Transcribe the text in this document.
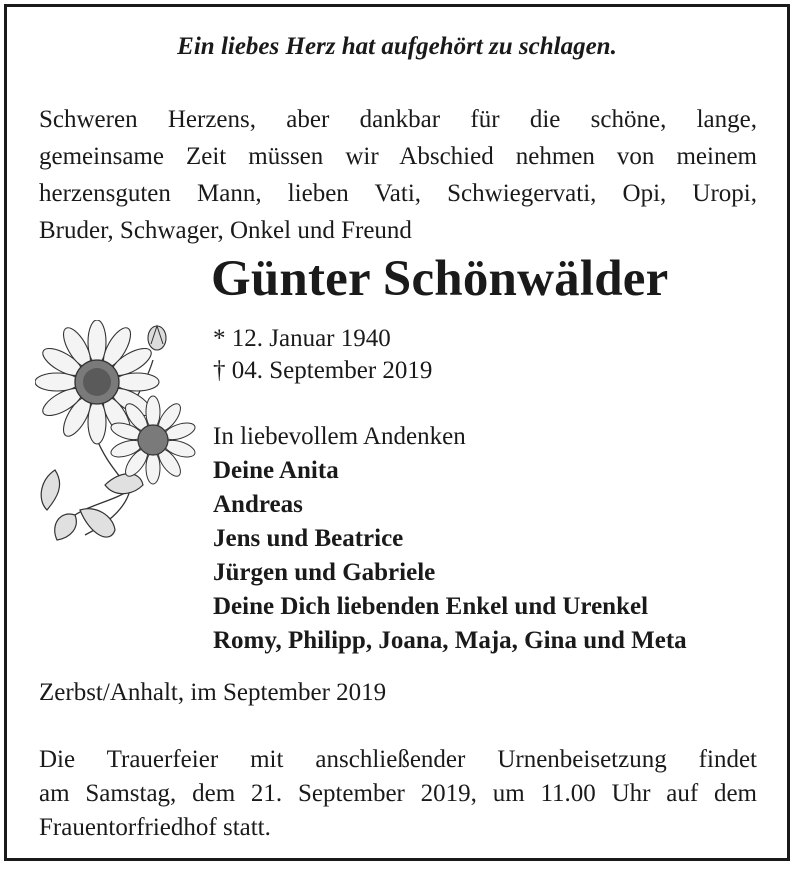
Ein liebes Herz hat aufgehört zu schlagen.

Schweren Herzens, aber dankbar für die schöne, lange,
gemeinsame Zeit müssen wir Abschied nehmen von meinem
herzensguten Mann, lieben Vati, Schwiegervati, Opi, Uropi,
Bruder, Schwager, Onkel und Freund

Günter Schönwälder
* 12. Januar 1940
† 04. September 2019
In liebevollem Andenken
Deine Anita
Andreas
Jens und Beatrice
Jürgen und Gabriele
Deine Dich liebenden Enkel und Urenkel
Romy, Philipp, Joana, Maja, Gina und Meta
Zerbst/Anhalt, im September 2019

Die Trauerfeier mit anschließender Urnenbeisetzung findet
am Samstag, dem 21. September 2019, um 11.00 Uhr auf dem
Frauentorfriedhof statt.
